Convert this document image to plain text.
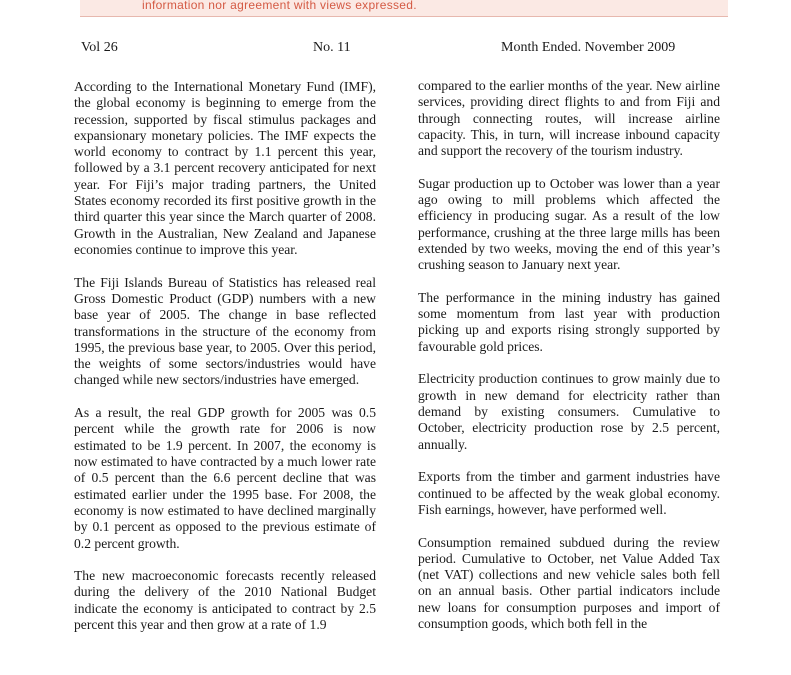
information nor agreement with views expressed.
Vol 26	No. 11	Month Ended. November 2009

According to the International Monetary Fund (IMF), the global economy is beginning to emerge from the recession, supported by fiscal stimulus packages and expansionary monetary policies. The IMF expects the world economy to contract by 1.1 percent this year, followed by a 3.1 percent recovery anticipated for next year. For Fiji’s major trading partners, the United States economy recorded its first positive growth in the third quarter this year since the March quarter of 2008. Growth in the Australian, New Zealand and Japanese economies continue to improve this year.

The Fiji Islands Bureau of Statistics has released real Gross Domestic Product (GDP) numbers with a new base year of 2005. The change in base reflected transformations in the structure of the economy from 1995, the previous base year, to 2005. Over this period, the weights of some sectors/industries would have changed while new sectors/industries have emerged.

As a result, the real GDP growth for 2005 was 0.5 percent while the growth rate for 2006 is now estimated to be 1.9 percent. In 2007, the economy is now estimated to have contracted by a much lower rate of 0.5 percent than the 6.6 percent decline that was estimated earlier under the 1995 base. For 2008, the economy is now estimated to have declined marginally by 0.1 percent as opposed to the previous estimate of 0.2 percent growth.

The new macroeconomic forecasts recently released during the delivery of the 2010 National Budget indicate the economy is anticipated to contract by 2.5 percent this year and then grow at a rate of 1.9

compared to the earlier months of the year. New airline services, providing direct flights to and from Fiji and through connecting routes, will increase airline capacity. This, in turn, will increase inbound capacity and support the recovery of the tourism industry.

Sugar production up to October was lower than a year ago owing to mill problems which affected the efficiency in producing sugar. As a result of the low performance, crushing at the three large mills has been extended by two weeks, moving the end of this year’s crushing season to January next year.

The performance in the mining industry has gained some momentum from last year with production picking up and exports rising strongly supported by favourable gold prices.

Electricity production continues to grow mainly due to growth in new demand for electricity rather than demand by existing consumers. Cumulative to October, electricity production rose by 2.5 percent, annually.

Exports from the timber and garment industries have continued to be affected by the weak global economy. Fish earnings, however, have performed well.

Consumption remained subdued during the review period. Cumulative to October, net Value Added Tax (net VAT) collections and new vehicle sales both fell on an annual basis. Other partial indicators include new loans for consumption purposes and import of consumption goods, which both fell in the
